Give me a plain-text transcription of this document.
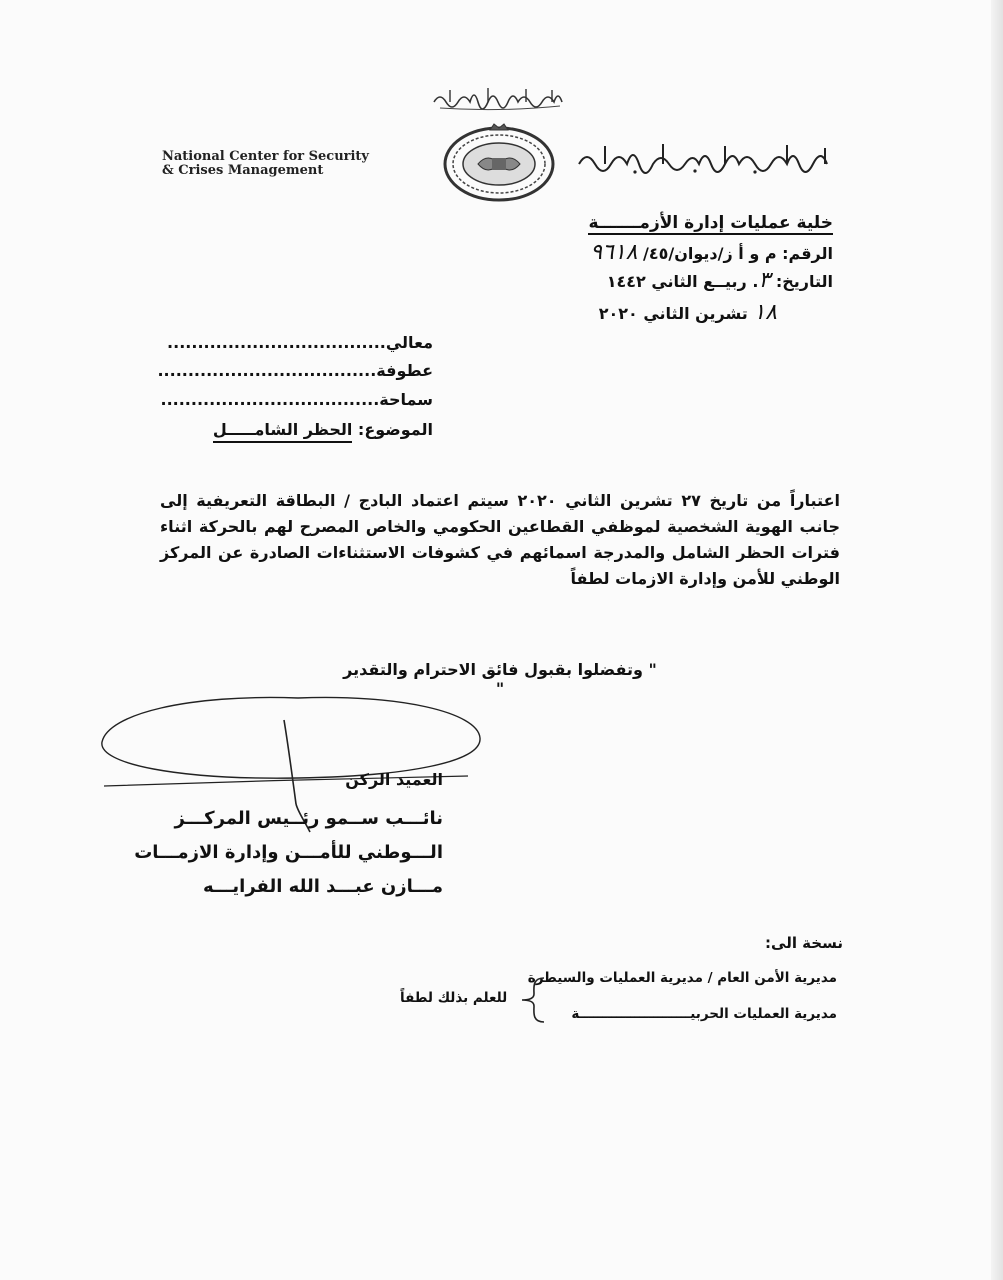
National Center for Security
& Crises Management
خلية عمليات إدارة الأزمـــــــة
الرقم: م و أ ز/ديوان/٤٥/ ٩٦١٨
التاريخ: ٣. ربيــع الثاني ١٤٤٢
١٨ تشرين الثاني ٢٠٢٠
معالي....................................
عطوفة....................................
سماحة....................................
الموضوع: الحظر الشامـــــل
اعتباراً من تاريخ ٢٧ تشرين الثاني ٢٠٢٠ سيتم اعتماد البادج / البطاقة التعريفية إلى جانب الهوية الشخصية لموظفي القطاعين الحكومي والخاص المصرح لهم بالحركة اثناء فترات الحظر الشامل والمدرجة اسمائهم في كشوفات الاستثناءات الصادرة عن المركز الوطني للأمن وإدارة الازمات لطفاً
" وتفضلوا بقبول فائق الاحترام والتقدير "
العميد الركن
نائـــب ســمو رئــيس المركـــز
الـــوطني للأمـــن وإدارة الازمـــات
مـــازن عبـــد الله الفرايـــه
نسخة الى:
مديرية الأمن العام / مديرية العمليات والسيطرة
مديرية العمليات الحربيــــــــــــــــــــــــة
للعلم بذلك لطفاً
